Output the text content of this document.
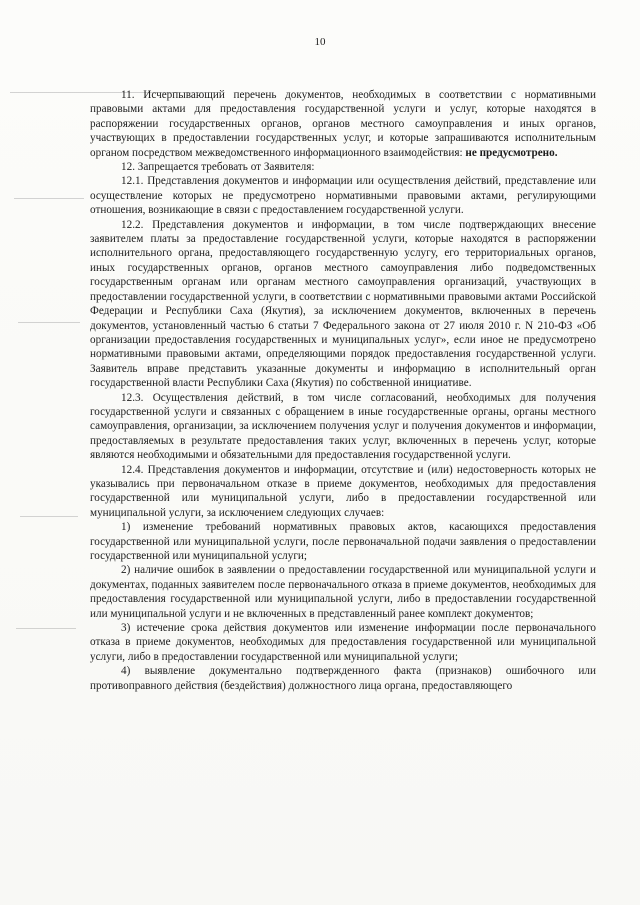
10

11. Исчерпывающий перечень документов, необходимых в соответствии с нормативными правовыми актами для предоставления государственной услуги и услуг, которые находятся в распоряжении государственных органов, органов местного самоуправления и иных органов, участвующих в предоставлении государственных услуг, и которые запрашиваются исполнительным органом посредством межведомственного информационного взаимодействия: не предусмотрено.

12. Запрещается требовать от Заявителя:

12.1. Представления документов и информации или осуществления действий, представление или осуществление которых не предусмотрено нормативными правовыми актами, регулирующими отношения, возникающие в связи с предоставлением государственной услуги.

12.2. Представления документов и информации, в том числе подтверждающих внесение заявителем платы за предоставление государственной услуги, которые находятся в распоряжении исполнительного органа, предоставляющего государственную услугу, его территориальных органов, иных государственных органов, органов местного самоуправления либо подведомственных государственным органам или органам местного самоуправления организаций, участвующих в предоставлении государственной услуги, в соответствии с нормативными правовыми актами Российской Федерации и Республики Саха (Якутия), за исключением документов, включенных в перечень документов, установленный частью 6 статьи 7 Федерального закона от 27 июля 2010 г. N 210-ФЗ «Об организации предоставления государственных и муниципальных услуг», если иное не предусмотрено нормативными правовыми актами, определяющими порядок предоставления государственной услуги. Заявитель вправе представить указанные документы и информацию в исполнительный орган государственной власти Республики Саха (Якутия) по собственной инициативе.

12.3. Осуществления действий, в том числе согласований, необходимых для получения государственной услуги и связанных с обращением в иные государственные органы, органы местного самоуправления, организации, за исключением получения услуг и получения документов и информации, предоставляемых в результате предоставления таких услуг, включенных в перечень услуг, которые являются необходимыми и обязательными для предоставления государственной услуги.

12.4. Представления документов и информации, отсутствие и (или) недостоверность которых не указывались при первоначальном отказе в приеме документов, необходимых для предоставления государственной или муниципальной услуги, либо в предоставлении государственной или муниципальной услуги, за исключением следующих случаев:

1) изменение требований нормативных правовых актов, касающихся предоставления государственной или муниципальной услуги, после первоначальной подачи заявления о предоставлении государственной или муниципальной услуги;

2) наличие ошибок в заявлении о предоставлении государственной или муниципальной услуги и документах, поданных заявителем после первоначального отказа в приеме документов, необходимых для предоставления государственной или муниципальной услуги, либо в предоставлении государственной или муниципальной услуги и не включенных в представленный ранее комплект документов;

3) истечение срока действия документов или изменение информации после первоначального отказа в приеме документов, необходимых для предоставления государственной или муниципальной услуги, либо в предоставлении государственной или муниципальной услуги;

4) выявление документально подтвержденного факта (признаков) ошибочного или противоправного действия (бездействия) должностного лица органа, предоставляющего
